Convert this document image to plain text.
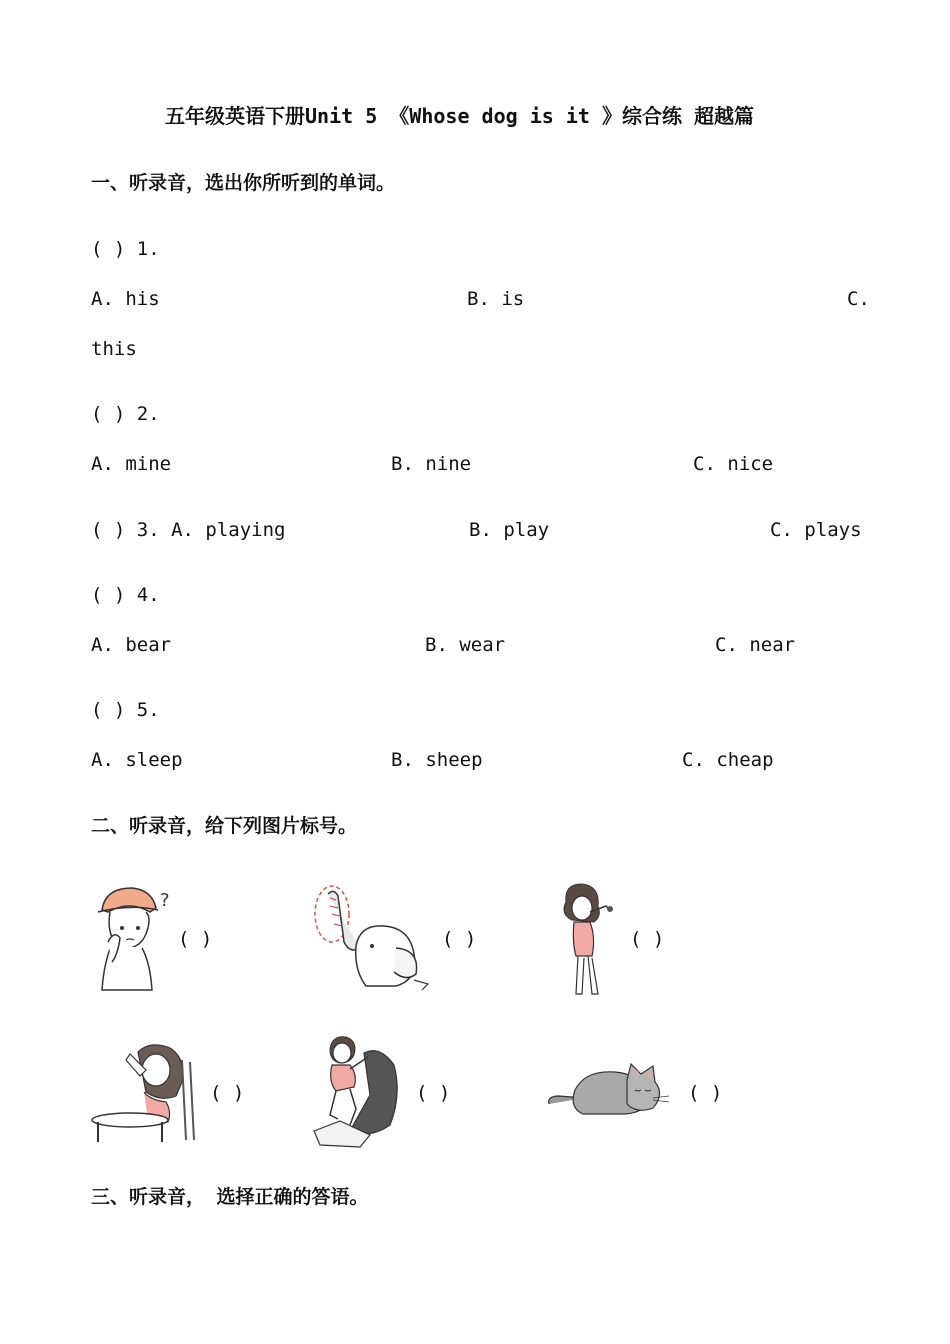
五年级英语下册Unit 5 《Whose dog is it 》综合练 超越篇
一、听录音，选出你所听到的单词。
( ) 1.
A. his	B. is	C.
this
( ) 2.
A. mine	B. nine	C. nice
( ) 3. A. playing	B. play	C. plays
( ) 4.
A. bear	B. wear	C. near
( ) 5.
A. sleep	B. sheep	C. cheap
二、听录音，给下列图片标号。
?
( )	( )	( )
( )	( )	( )
三、听录音， 选择正确的答语。
